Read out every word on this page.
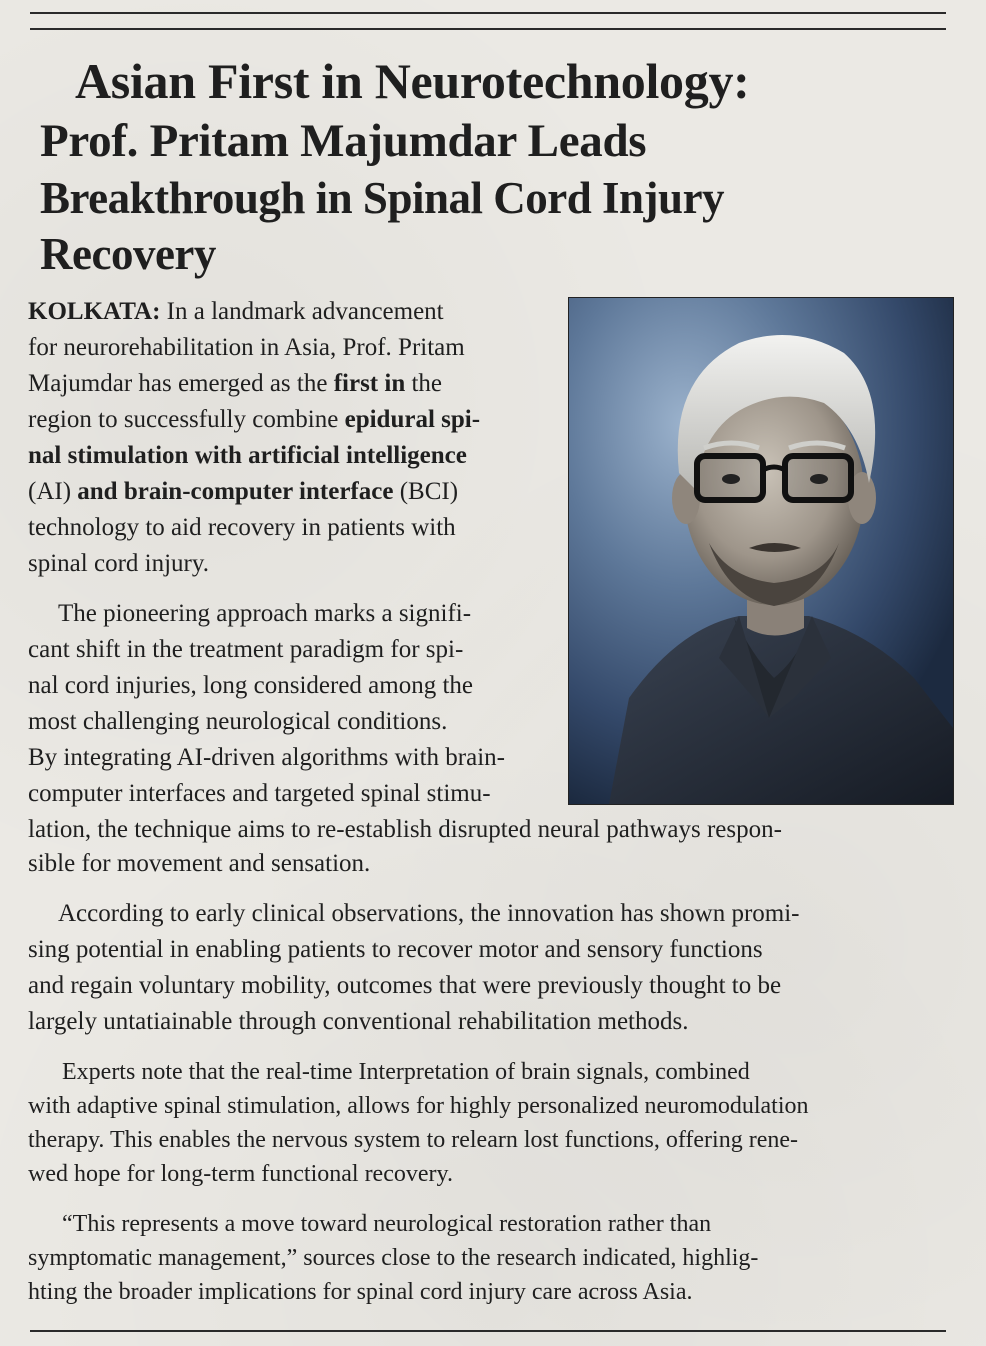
Asian First in Neurotechnology:
Prof. Pritam Majumdar Leads
Breakthrough in Spinal Cord Injury
Recovery
KOLKATA: In a landmark advancement
for neurorehabilitation in Asia, Prof. Pritam
Majumdar has emerged as the first in the
region to successfully combine epidural spi-
nal stimulation with artificial intelligence
(AI) and brain-computer interface (BCI)
technology to aid recovery in patients with
spinal cord injury.
The pioneering approach marks a signifi-
cant shift in the treatment paradigm for spi-
nal cord injuries, long considered among the
most challenging neurological conditions.
By integrating AI-driven algorithms with brain-
computer interfaces and targeted spinal stimu-
lation, the technique aims to re-establish disrupted neural pathways respon-
sible for movement and sensation.
According to early clinical observations, the innovation has shown promi-
sing potential in enabling patients to recover motor and sensory functions
and regain voluntary mobility, outcomes that were previously thought to be
largely untatiainable through conventional rehabilitation methods.
Experts note that the real-time Interpretation of brain signals, combined
with adaptive spinal stimulation, allows for highly personalized neuromodulation
therapy. This enables the nervous system to relearn lost functions, offering rene-
wed hope for long-term functional recovery.
“This represents a move toward neurological restoration rather than
symptomatic management,” sources close to the research indicated, highlig-
hting the broader implications for spinal cord injury care across Asia.
